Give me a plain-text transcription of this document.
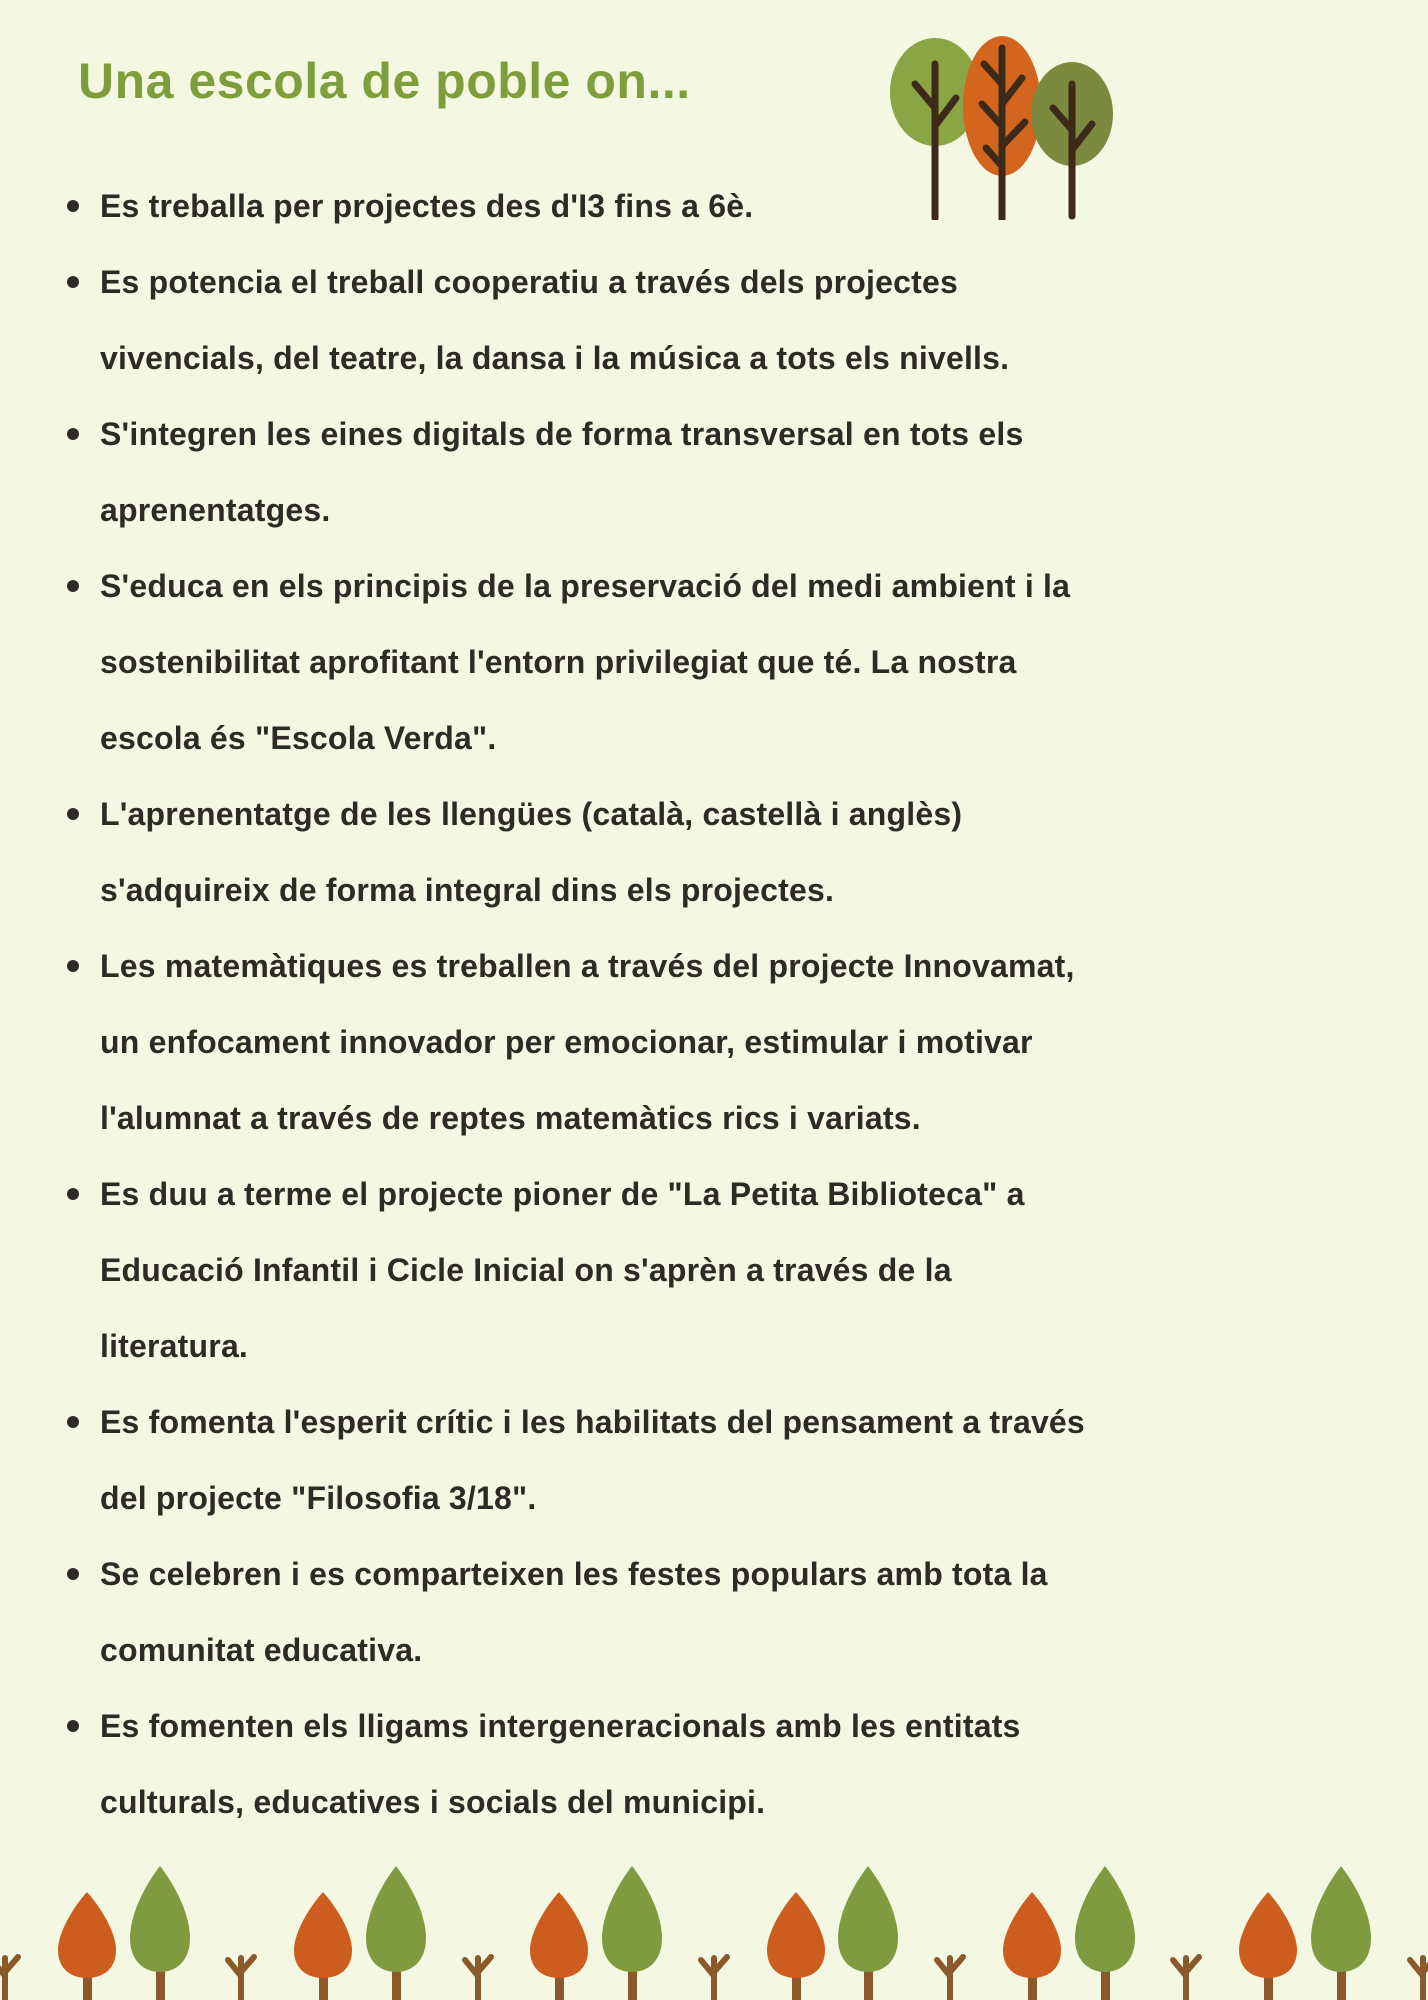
Una escola de poble on...
Es treballa per projectes des d'I3 fins a 6è.
Es potencia el treball cooperatiu a través dels projectes vivencials, del teatre, la dansa i la música a tots els nivells.
S'integren les eines digitals de forma transversal en tots els aprenentatges.
S'educa en els principis de la preservació del medi ambient i la sostenibilitat aprofitant l'entorn privilegiat que té. La nostra escola és "Escola Verda".
L'aprenentatge de les llengües (català, castellà i anglès) s'adquireix de forma integral dins els projectes.
Les matemàtiques es treballen a través del projecte Innovamat, un enfocament innovador per emocionar, estimular i motivar l'alumnat a través de reptes matemàtics rics i variats.
Es duu a terme el projecte pioner de "La Petita Biblioteca" a Educació Infantil i Cicle Inicial on s'aprèn a través de la literatura.
Es fomenta l'esperit crític i les habilitats del pensament a través del projecte "Filosofia 3/18".
Se celebren i es comparteixen les festes populars amb tota la comunitat educativa.
Es fomenten els lligams intergeneracionals amb les entitats culturals, educatives i socials del municipi.
